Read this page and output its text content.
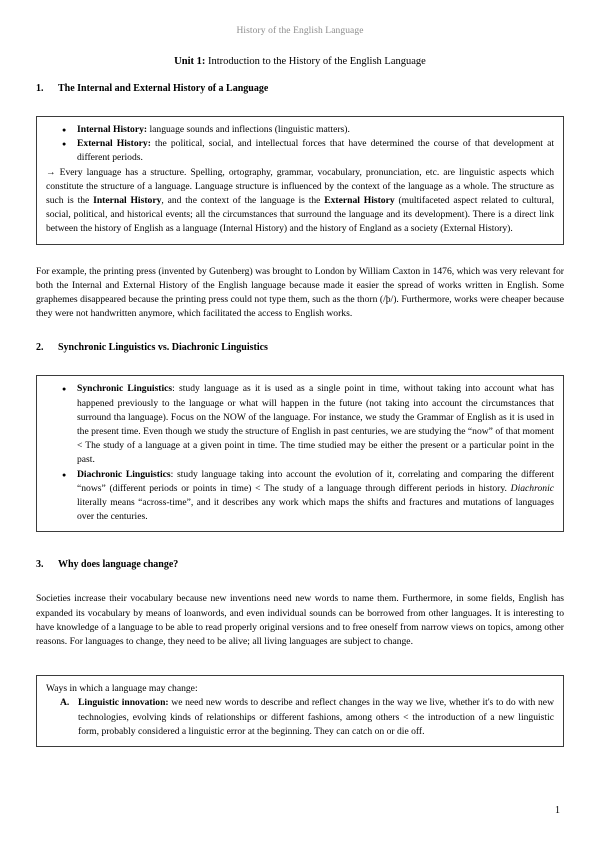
History of the English Language
Unit 1: Introduction to the History of the English Language
1. The Internal and External History of a Language
● Internal History: language sounds and inflections (linguistic matters).
● External History: the political, social, and intellectual forces that have determined the course of that development at different periods.

→ Every language has a structure. Spelling, ortography, grammar, vocabulary, pronunciation, etc. are linguistic aspects which constitute the structure of a language. Language structure is influenced by the context of the language as a whole. The structure as such is the Internal History, and the context of the language is the External History (multifaceted aspect related to cultural, social, political, and historical events; all the circumstances that surround the language and its development). There is a direct link between the history of English as a language (Internal History) and the history of England as a society (External History).

For example, the printing press (invented by Gutenberg) was brought to London by William Caxton in 1476, which was very relevant for both the Internal and External History of the English language because made it easier the spread of works written in English. Some graphemes disappeared because the printing press could not type them, such as the thorn (/þ/). Furthermore, works were cheaper because they were not handwritten anymore, which facilitated the access to English works.

2. Synchronic Linguistics vs. Diachronic Linguistics
● Synchronic Linguistics: study language as it is used as a single point in time, without taking into account what has happened previously to the language or what will happen in the future (not taking into account the circumstances that surround tha language). Focus on the NOW of the language. For instance, we study the Grammar of English as it is used in the present time. Even though we study the structure of English in past centuries, we are studying the “now” of that moment < The study of a language at a given point in time. The time studied may be either the present or a particular point in the past.
● Diachronic Linguistics: study language taking into account the evolution of it, correlating and comparing the different “nows” (different periods or points in time) < The study of a language through different periods in history. Diachronic literally means “across-time”, and it describes any work which maps the shifts and fractures and mutations of languages over the centuries.
3. Why does language change?

Societies increase their vocabulary because new inventions need new words to name them. Furthermore, in some fields, English has expanded its vocabulary by means of loanwords, and even individual sounds can be borrowed from other languages. It is interesting to have knowledge of a language to be able to read properly original versions and to free oneself from narrow views on topics, among other reasons. For languages to change, they need to be alive; all living languages are subject to change.

Ways in which a language may change:

A. Linguistic innovation: we need new words to describe and reflect changes in the way we live, whether it's to do with new technologies, evolving kinds of relationships or different fashions, among others < the introduction of a new linguistic form, probably considered a linguistic error at the beginning. They can catch on or die off.
1
